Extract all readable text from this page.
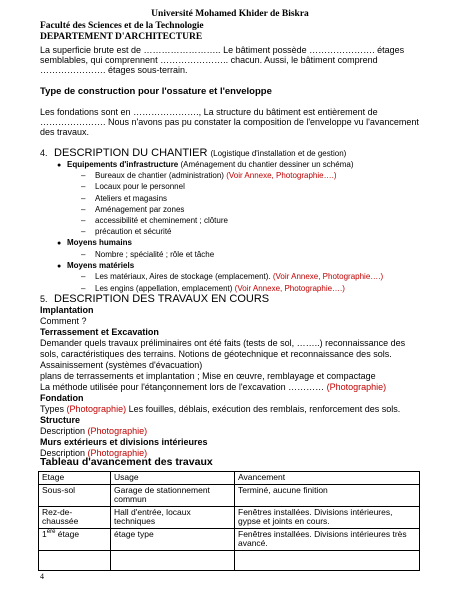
Université Mohamed Khider de Biskra
Faculté des Sciences et de la Technologie
DEPARTEMENT D'ARCHITECTURE
La superficie brute est de …………………….. Le bâtiment possède …………………. étages semblables, qui comprennent ………………….. chacun. Aussi, le bâtiment comprend …………………. étages sous-terrain.
Type de construction pour l'ossature et l'enveloppe
Les fondations sont en …………………., La structure du bâtiment est entièrement de …………………. Nous n'avons pas pu constater la composition de l'enveloppe vu l'avancement des travaux.
4. DESCRIPTION DU CHANTIER (Logistique d'installation et de gestion)
● Equipements d'infrastructure (Aménagement du chantier dessiner un schéma)
– Bureaux de chantier (administration) (Voir Annexe, Photographie….)
– Locaux pour le personnel
– Ateliers et magasins
– Aménagement par zones
– accessibilité et cheminement ; clôture
– précaution et sécurité
● Moyens humains
– Nombre ; spécialité ; rôle et tâche
● Moyens matériels
– Les matériaux, Aires de stockage (emplacement). (Voir Annexe, Photographie….)
– Les engins (appellation, emplacement) (Voir Annexe, Photographie….)
5. DESCRIPTION DES TRAVAUX EN COURS
Implantation
Comment ?
Terrassement et Excavation
Demander quels travaux préliminaires ont été faits (tests de sol, ……..) reconnaissance des
sols, caractéristiques des terrains. Notions de géotechnique et reconnaissance des sols.
Assainissement (systèmes d'évacuation)
plans de terrassements et implantation ; Mise en œuvre, remblayage et compactage
La méthode utilisée pour l'étançonnement lors de l'excavation ………… (Photographie)
Fondation
Types (Photographie) Les fouilles, déblais, exécution des remblais, renforcement des sols.
Structure
Description (Photographie)
Murs extérieurs et divisions intérieures
Description (Photographie)
Tableau d'avancement des travaux
Etage	Usage	Avancement
Sous-sol	Garage de stationnement commun	Terminé, aucune finition
Rez-de-chaussée	Hall d'entrée, locaux techniques	Fenêtres installées. Divisions intérieures, gypse et joints en cours.
1ère étage	étage type	Fenêtres installées. Divisions intérieures très avancé.

4
